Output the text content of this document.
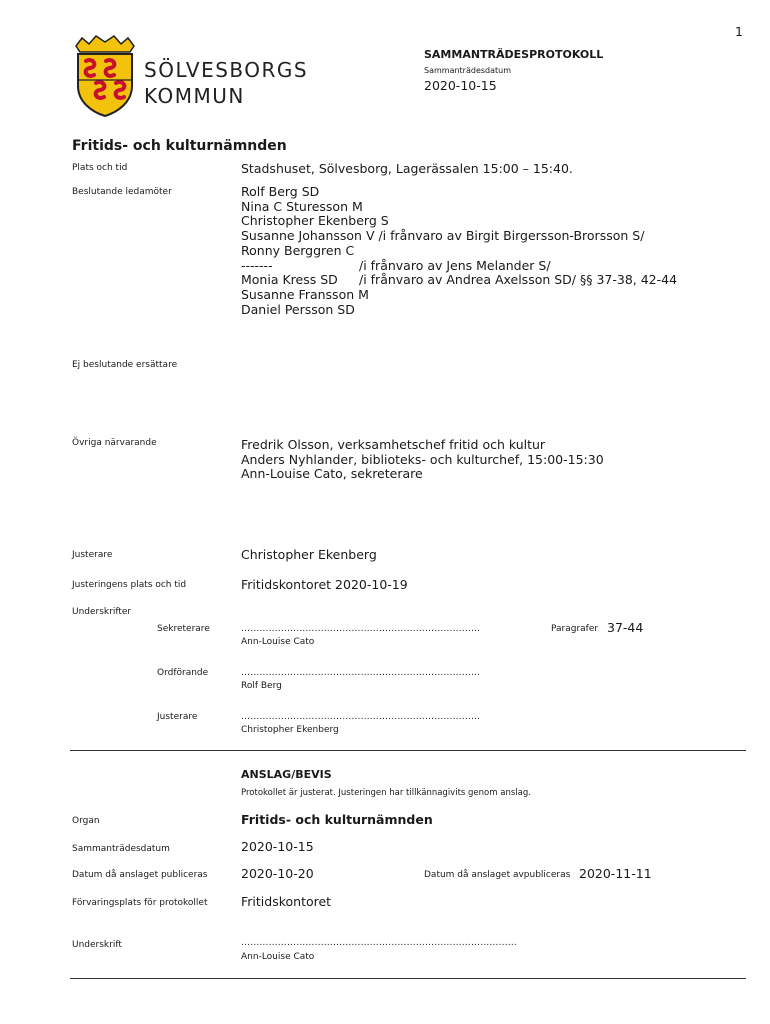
1
SÖLVESBORGS
KOMMUN
SAMMANTRÄDESPROTOKOLL
Sammanträdesdatum
2020-10-15
Fritids- och kulturnämnden
Plats och tid	Stadshuset, Sölvesborg, Lagerässalen 15:00 – 15:40.
Beslutande ledamöter	Rolf Berg SD
Nina C Sturesson M
Christopher Ekenberg S
Susanne Johansson V /i frånvaro av Birgit Birgersson-Brorsson S/
Ronny Berggren C
-------	/i frånvaro av Jens Melander S/
Monia Kress SD /i frånvaro av Andrea Axelsson SD/ §§ 37-38, 42-44
Susanne Fransson M
Daniel Persson SD
Ej beslutande ersättare
Övriga närvarande	Fredrik Olsson, verksamhetschef fritid och kultur
Anders Nyhlander, biblioteks- och kulturchef, 15:00-15:30
Ann-Louise Cato, sekreterare
Justerare	Christopher Ekenberg
Justeringens plats och tid	Fritidskontoret 2020-10-19
Underskrifter
Sekreterare	……………………………………………………………………
Ann-Louise Cato
Paragrafer 37-44
Ordförande	……………………………………………………………………
Rolf Berg
Justerare	……………………………………………………………………
Christopher Ekenberg
ANSLAG/BEVIS
Protokollet är justerat. Justeringen har tillkännagivits genom anslag.
Organ	Fritids- och kulturnämnden
Sammanträdesdatum	2020-10-15
Datum då anslaget publiceras	2020-10-20	Datum då anslaget avpubliceras 2020-11-11
Förvaringsplats för protokollet	Fritidskontoret
Underskrift	………………………………………………………………………………
Ann-Louise Cato
